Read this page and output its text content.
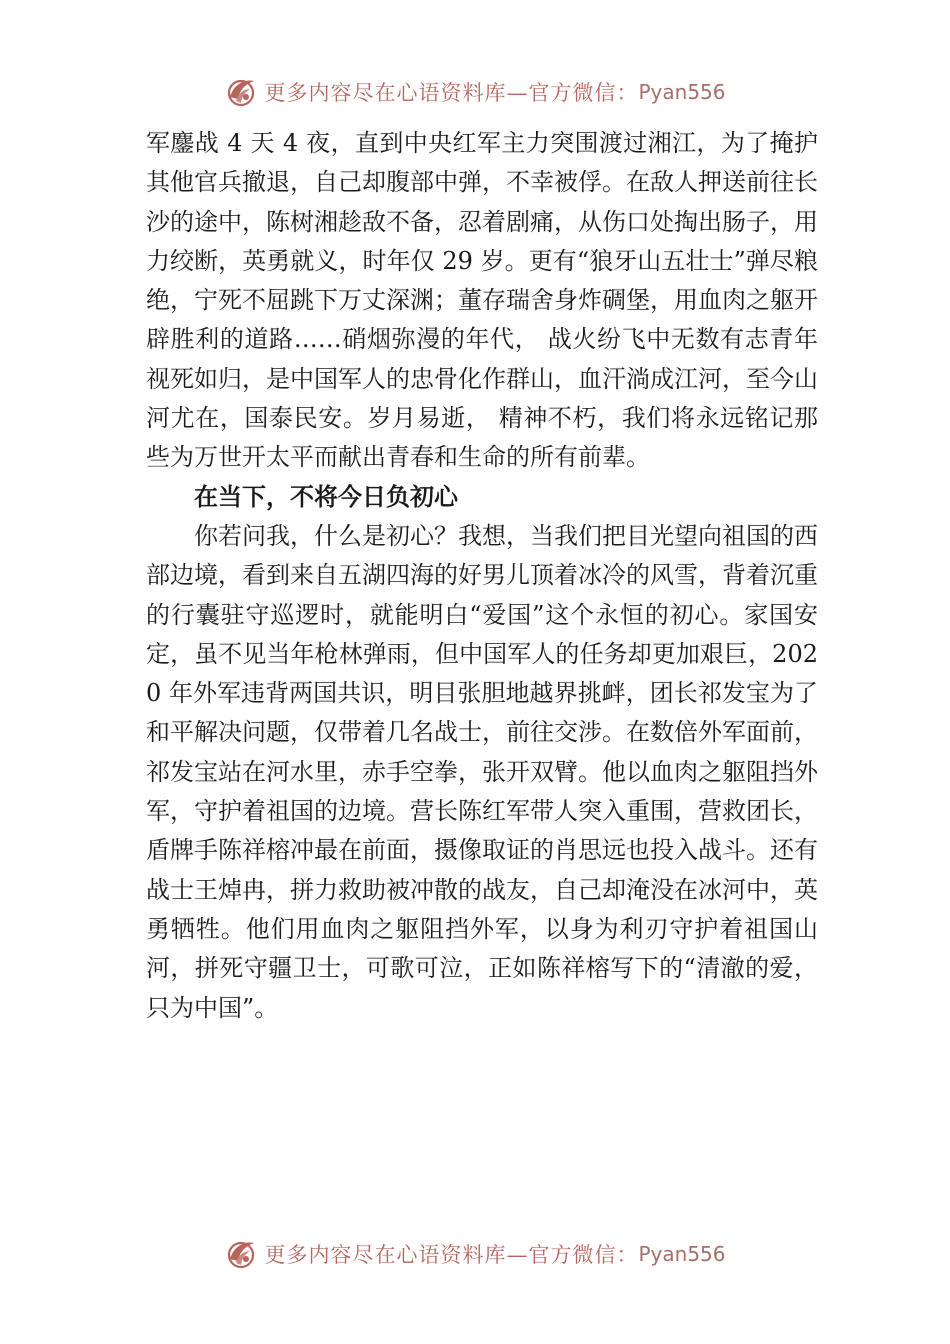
更多内容尽在心语资料库—官方微信： Pyan556

军鏖战 4 天 4 夜，直到中央红军主力突围渡过湘江，为了掩护其他官兵撤退，自己却腹部中弹，不幸被俘。在敌人押送前往长沙的途中，陈树湘趁敌不备，忍着剧痛，从伤口处掏出肠子，用力绞断，英勇就义，时年仅 29 岁。更有“狼牙山五壮士”弹尽粮绝，宁死不屈跳下万丈深渊；董存瑞舍身炸碉堡，用血肉之躯开辟胜利的道路……硝烟弥漫的年代， 战火纷飞中无数有志青年视死如归，是中国军人的忠骨化作群山，血汗淌成江河，至今山河尤在，国泰民安。岁月易逝， 精神不朽，我们将永远铭记那些为万世开太平而献出青春和生命的所有前辈。

在当下，不将今日负初心

你若问我，什么是初心？我想，当我们把目光望向祖国的西部边境，看到来自五湖四海的好男儿顶着冰冷的风雪，背着沉重的行囊驻守巡逻时，就能明白“爱国”这个永恒的初心。家国安定，虽不见当年枪林弹雨，但中国军人的任务却更加艰巨，2020 年外军违背两国共识，明目张胆地越界挑衅，团长祁发宝为了和平解决问题，仅带着几名战士，前往交涉。在数倍外军面前，祁发宝站在河水里，赤手空拳，张开双臂。他以血肉之躯阻挡外军，守护着祖国的边境。营长陈红军带人突入重围，营救团长，盾牌手陈祥榕冲最在前面，摄像取证的肖思远也投入战斗。还有战士王焯冉，拼力救助被冲散的战友，自己却淹没在冰河中，英勇牺牲。他们用血肉之躯阻挡外军，以身为利刃守护着祖国山河，拼死守疆卫士，可歌可泣，正如陈祥榕写下的“清澈的爱，只为中国”。

更多内容尽在心语资料库—官方微信： Pyan556
